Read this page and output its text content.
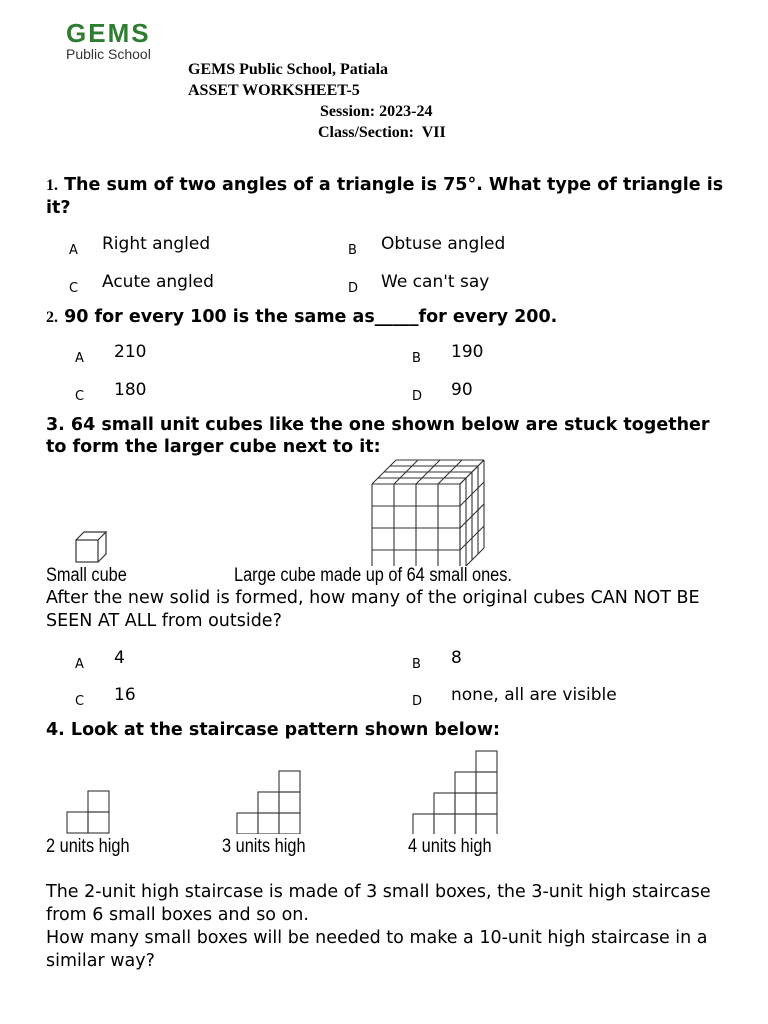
GEMS
Public School
GEMS Public School, Patiala
ASSET WORKSHEET-5
Session: 2023-24
Class/Section:  VII
1. The sum of two angles of a triangle is 75°. What type of triangle is it?
A Right angled	B Obtuse angled
C Acute angled	D We can't say
2. 90 for every 100 is the same as_____for every 200.
A 210	B 190
C 180	D 90
3. 64 small unit cubes like the one shown below are stuck together to form the larger cube next to it:
Small cube	Large cube made up of 64 small ones.
After the new solid is formed, how many of the original cubes CAN NOT BE SEEN AT ALL from outside?
A 4	B 8
C 16	D none, all are visible
4. Look at the staircase pattern shown below:
2 units high	3 units high	4 units high
The 2-unit high staircase is made of 3 small boxes, the 3-unit high staircase from 6 small boxes and so on.
How many small boxes will be needed to make a 10-unit high staircase in a similar way?
